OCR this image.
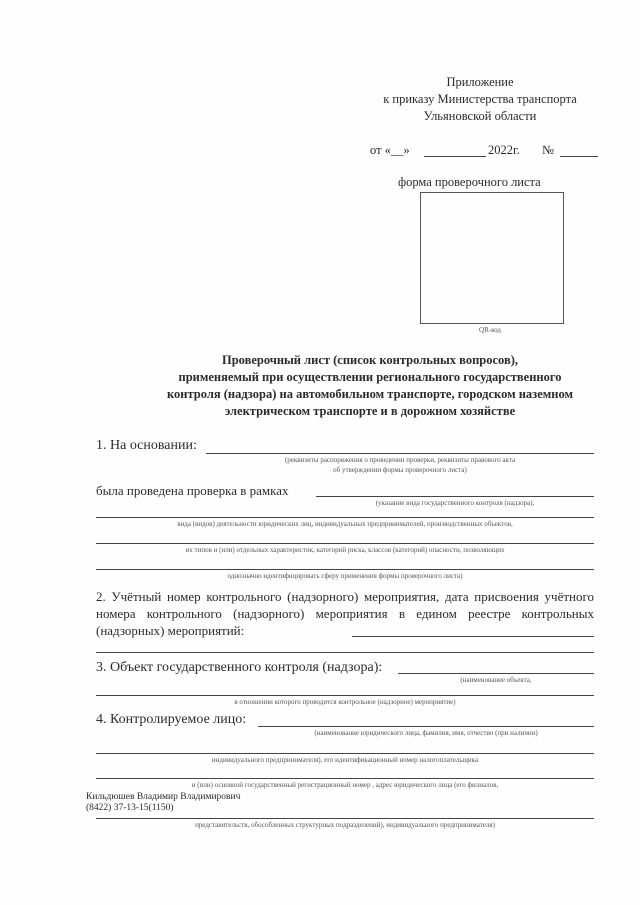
Приложение
к приказу Министерства транспорта
Ульяновской области
от «__»	2022г. №
форма проверочного листа
QR-код
Проверочный лист (список контрольных вопросов),
применяемый при осуществлении регионального государственного
контроля (надзора) на автомобильном транспорте, городском наземном
электрическом транспорте и в дорожном хозяйстве
1. На основании:
(реквизиты распоряжения о проведении проверки, реквизиты правового акта
об утверждении формы проверочного листа)
была проведена проверка в рамках
(указание вида государственного контроля (надзора),
вида (видов) деятельности юридических лиц, индивидуальных предпринимателей, производственных объектов,
их типов и (или) отдельных характеристик, категорий риска, классов (категорий) опасности, позволяющих
однозначно идентифицировать сферу применения формы проверочного листа)
2. Учётный номер контрольного (надзорного) мероприятия, дата присвоения учётного номера контрольного (надзорного) мероприятия в едином реестре контрольных (надзорных) мероприятий:
3. Объект государственного контроля (надзора):
(наименование объекта,
в отношении которого проводится контрольное (надзорное) мероприятие)
4. Контролируемое лицо:
(наименование юридического лица, фамилия, имя, отчество (при наличии)
индивидуального предпринимателя), его идентификационный номер налогоплательщика
и (или) основной государственный регистрационный номер , адрес юридического лица (его филиалов,
представительств, обособленных структурных подразделений), индивидуального предпринимателя)
Кильдюшев Владимир Владимирович
(8422) 37-13-15(1150)
